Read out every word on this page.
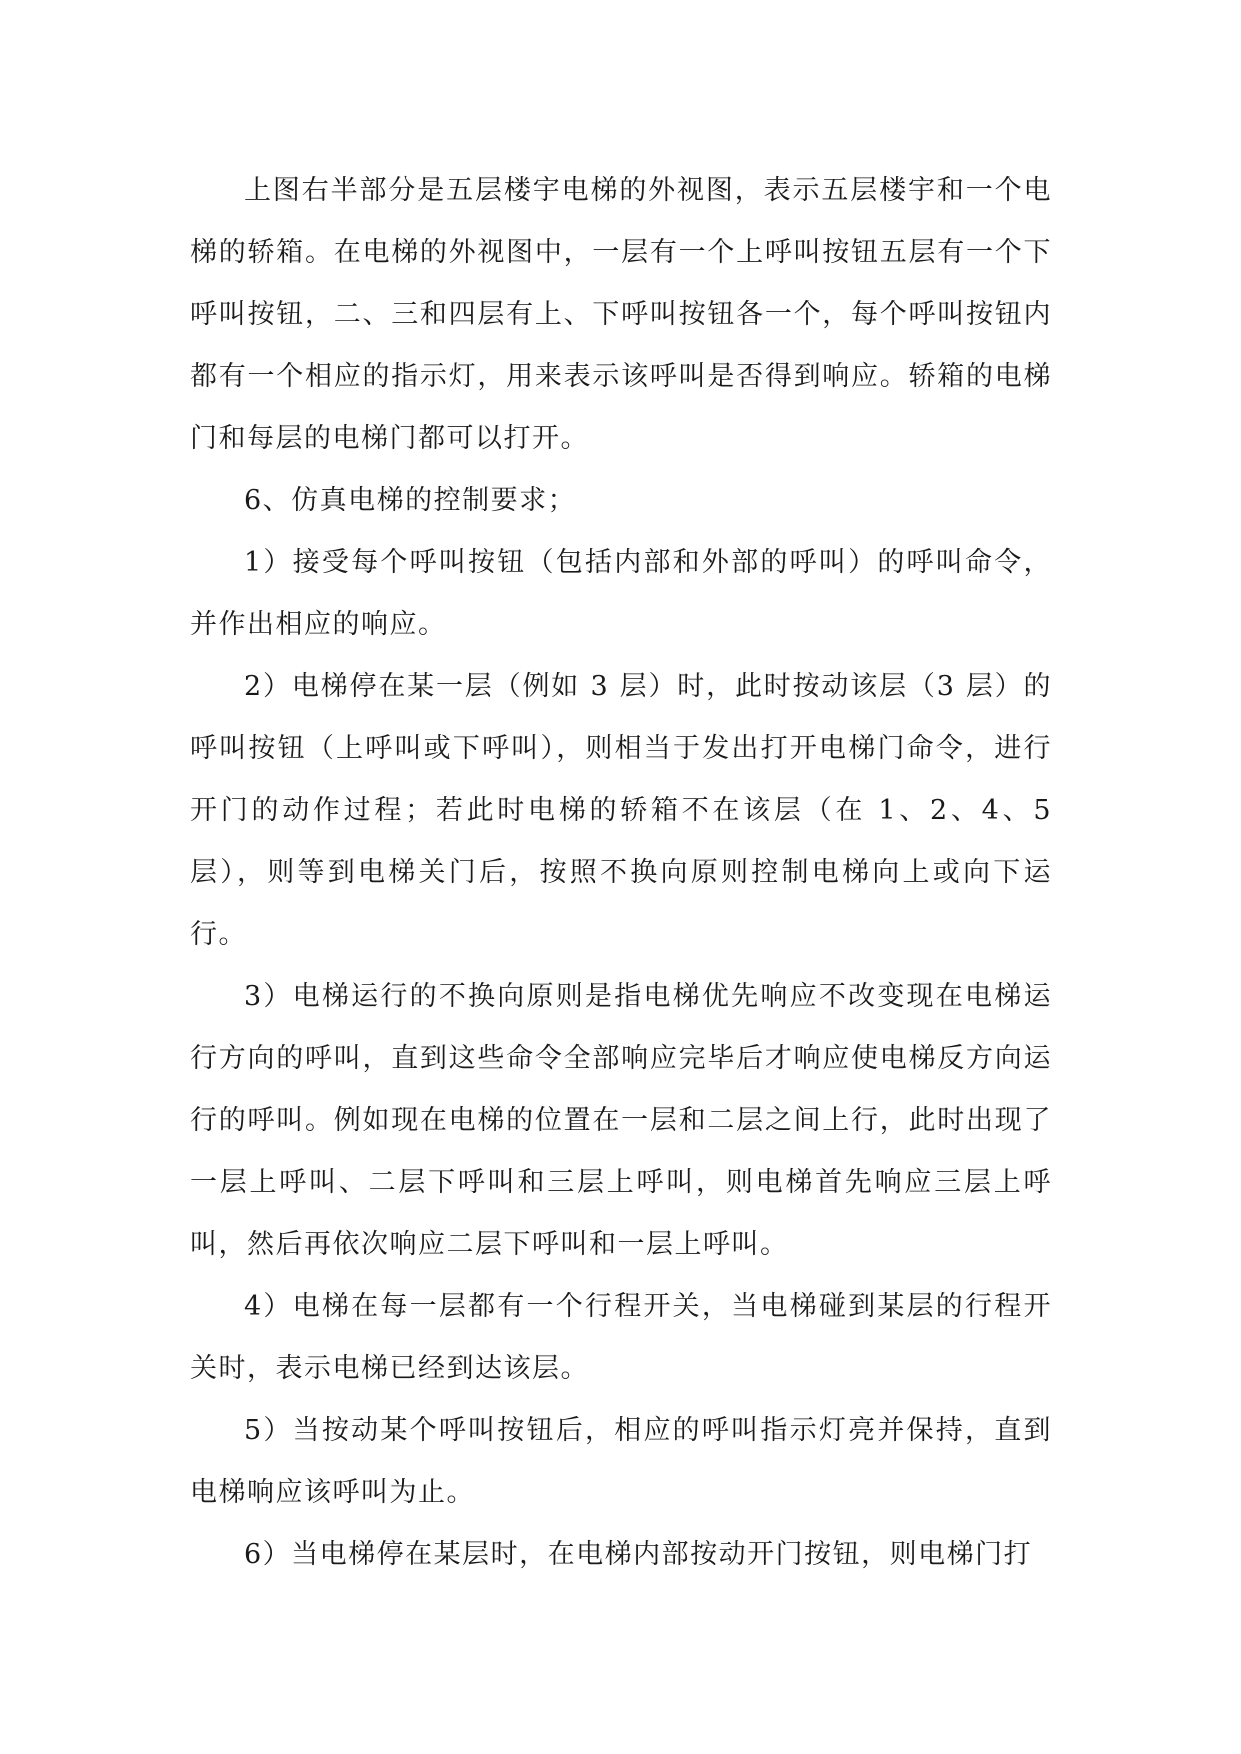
上图右半部分是五层楼宇电梯的外视图，表示五层楼宇和一个电梯的轿箱。在电梯的外视图中，一层有一个上呼叫按钮五层有一个下呼叫按钮，二、三和四层有上、下呼叫按钮各一个，每个呼叫按钮内都有一个相应的指示灯，用来表示该呼叫是否得到响应。轿箱的电梯门和每层的电梯门都可以打开。

6、仿真电梯的控制要求；

1）接受每个呼叫按钮（包括内部和外部的呼叫）的呼叫命令，并作出相应的响应。

2）电梯停在某一层（例如 3 层）时，此时按动该层（3 层）的呼叫按钮（上呼叫或下呼叫），则相当于发出打开电梯门命令，进行开门的动作过程；若此时电梯的轿箱不在该层（在 1、2、4、5 层），则等到电梯关门后，按照不换向原则控制电梯向上或向下运行。

3）电梯运行的不换向原则是指电梯优先响应不改变现在电梯运行方向的呼叫，直到这些命令全部响应完毕后才响应使电梯反方向运行的呼叫。例如现在电梯的位置在一层和二层之间上行，此时出现了一层上呼叫、二层下呼叫和三层上呼叫，则电梯首先响应三层上呼叫，然后再依次响应二层下呼叫和一层上呼叫。

4）电梯在每一层都有一个行程开关，当电梯碰到某层的行程开关时，表示电梯已经到达该层。

5）当按动某个呼叫按钮后，相应的呼叫指示灯亮并保持，直到电梯响应该呼叫为止。

6）当电梯停在某层时，在电梯内部按动开门按钮，则电梯门打
